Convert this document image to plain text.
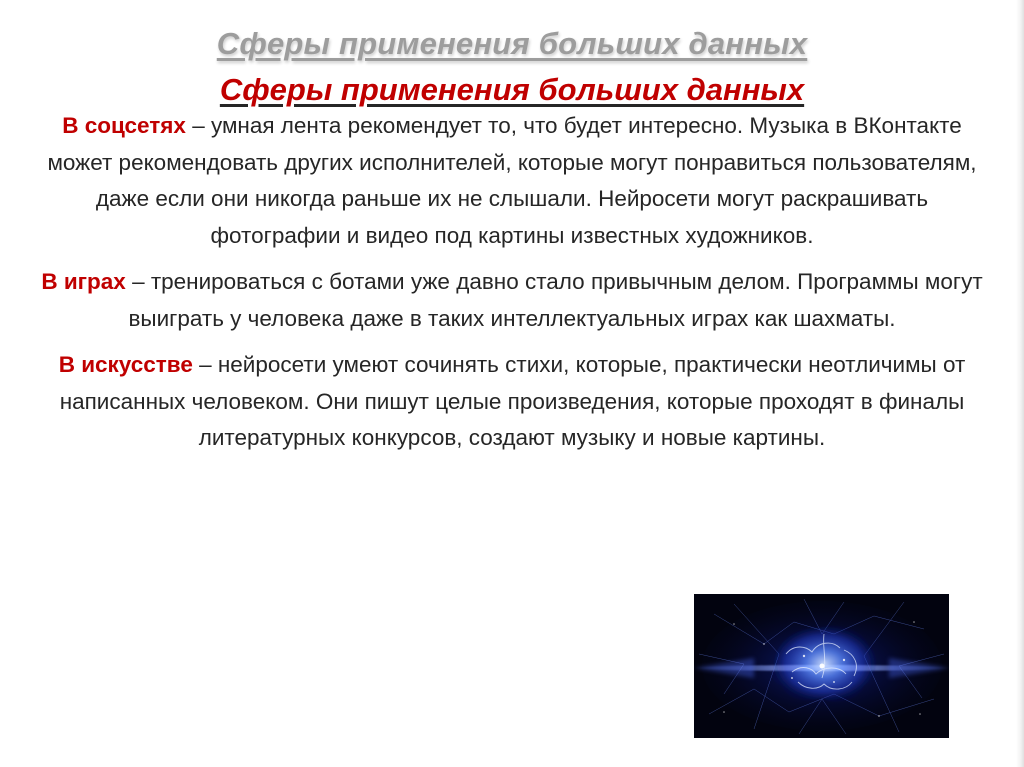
Сферы применения больших данных
Сферы применения больших данных

В соцсетях – умная лента рекомендует то, что будет интересно. Музыка в ВКонтакте может рекомендовать других исполнителей, которые могут понравиться пользователям, даже если они никогда раньше их не слышали. Нейросети могут раскрашивать фотографии и видео под картины известных художников.

В играх – тренироваться с ботами уже давно стало привычным делом. Программы могут выиграть у человека даже в таких интеллектуальных играх как шахматы.

В искусстве – нейросети умеют сочинять стихи, которые, практически неотличимы от написанных человеком. Они пишут целые произведения, которые проходят в финалы литературных конкурсов, создают музыку и новые картины.
